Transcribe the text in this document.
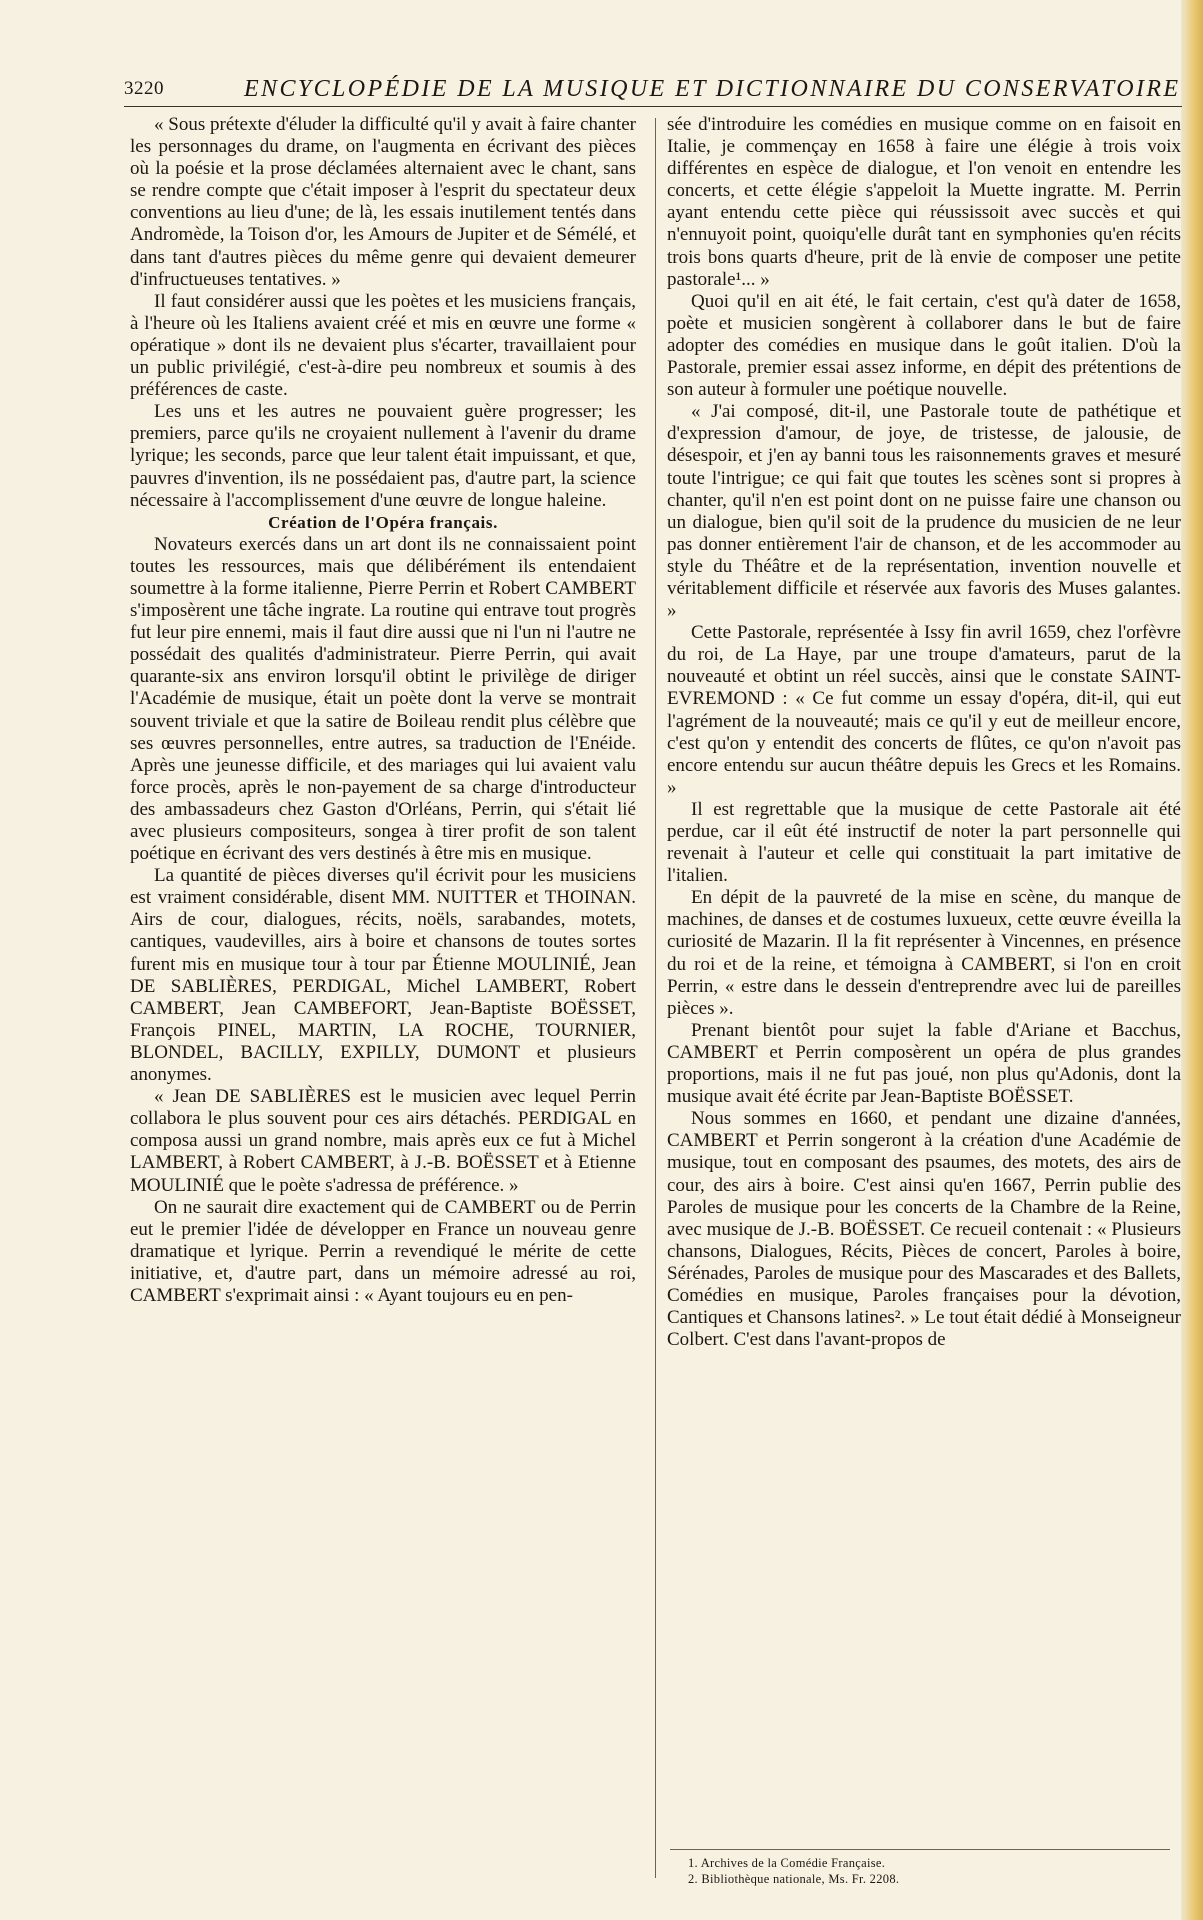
3220	ENCYCLOPÉDIE DE LA MUSIQUE ET DICTIONNAIRE DU CONSERVATOIRE

« Sous prétexte d'éluder la difficulté qu'il y avait à faire chanter les personnages du drame, on l'augmenta en écrivant des pièces où la poésie et la prose déclamées alternaient avec le chant, sans se rendre compte que c'était imposer à l'esprit du spectateur deux conventions au lieu d'une; de là, les essais inutilement tentés dans Andromède, la Toison d'or, les Amours de Jupiter et de Sémélé, et dans tant d'autres pièces du même genre qui devaient demeurer d'infructueuses tentatives. »

Il faut considérer aussi que les poètes et les musiciens français, à l'heure où les Italiens avaient créé et mis en œuvre une forme « opératique » dont ils ne devaient plus s'écarter, travaillaient pour un public privilégié, c'est-à-dire peu nombreux et soumis à des préférences de caste.

Les uns et les autres ne pouvaient guère progresser; les premiers, parce qu'ils ne croyaient nullement à l'avenir du drame lyrique; les seconds, parce que leur talent était impuissant, et que, pauvres d'invention, ils ne possédaient pas, d'autre part, la science nécessaire à l'accomplissement d'une œuvre de longue haleine.

Création de l'Opéra français.

Novateurs exercés dans un art dont ils ne connaissaient point toutes les ressources, mais que délibérément ils entendaient soumettre à la forme italienne, Pierre Perrin et Robert CAMBERT s'imposèrent une tâche ingrate. La routine qui entrave tout progrès fut leur pire ennemi, mais il faut dire aussi que ni l'un ni l'autre ne possédait des qualités d'administrateur. Pierre Perrin, qui avait quarante-six ans environ lorsqu'il obtint le privilège de diriger l'Académie de musique, était un poète dont la verve se montrait souvent triviale et que la satire de Boileau rendit plus célèbre que ses œuvres personnelles, entre autres, sa traduction de l'Enéide. Après une jeunesse difficile, et des mariages qui lui avaient valu force procès, après le non-payement de sa charge d'introducteur des ambassadeurs chez Gaston d'Orléans, Perrin, qui s'était lié avec plusieurs compositeurs, songea à tirer profit de son talent poétique en écrivant des vers destinés à être mis en musique.

La quantité de pièces diverses qu'il écrivit pour les musiciens est vraiment considérable, disent MM. NUITTER et THOINAN. Airs de cour, dialogues, récits, noëls, sarabandes, motets, cantiques, vaudevilles, airs à boire et chansons de toutes sortes furent mis en musique tour à tour par Étienne MOULINIÉ, Jean DE SABLIÈRES, PERDIGAL, Michel LAMBERT, Robert CAMBERT, Jean CAMBEFORT, Jean-Baptiste BOËSSET, François PINEL, MARTIN, LA ROCHE, TOURNIER, BLONDEL, BACILLY, EXPILLY, DUMONT et plusieurs anonymes.

« Jean DE SABLIÈRES est le musicien avec lequel Perrin collabora le plus souvent pour ces airs détachés. PERDIGAL en composa aussi un grand nombre, mais après eux ce fut à Michel LAMBERT, à Robert CAMBERT, à J.-B. BOËSSET et à Etienne MOULINIÉ que le poète s'adressa de préférence. »

On ne saurait dire exactement qui de CAMBERT ou de Perrin eut le premier l'idée de développer en France un nouveau genre dramatique et lyrique. Perrin a revendiqué le mérite de cette initiative, et, d'autre part, dans un mémoire adressé au roi, CAMBERT s'exprimait ainsi : « Ayant toujours eu en pen-

sée d'introduire les comédies en musique comme on en faisoit en Italie, je commençay en 1658 à faire une élégie à trois voix différentes en espèce de dialogue, et l'on venoit en entendre les concerts, et cette élégie s'appeloit la Muette ingratte. M. Perrin ayant entendu cette pièce qui réussissoit avec succès et qui n'ennuyoit point, quoiqu'elle durât tant en symphonies qu'en récits trois bons quarts d'heure, prit de là envie de composer une petite pastorale¹... »

Quoi qu'il en ait été, le fait certain, c'est qu'à dater de 1658, poète et musicien songèrent à collaborer dans le but de faire adopter des comédies en musique dans le goût italien. D'où la Pastorale, premier essai assez informe, en dépit des prétentions de son auteur à formuler une poétique nouvelle.

« J'ai composé, dit-il, une Pastorale toute de pathétique et d'expression d'amour, de joye, de tristesse, de jalousie, de désespoir, et j'en ay banni tous les raisonnements graves et mesuré toute l'intrigue; ce qui fait que toutes les scènes sont si propres à chanter, qu'il n'en est point dont on ne puisse faire une chanson ou un dialogue, bien qu'il soit de la prudence du musicien de ne leur pas donner entièrement l'air de chanson, et de les accommoder au style du Théâtre et de la représentation, invention nouvelle et véritablement difficile et réservée aux favoris des Muses galantes. »

Cette Pastorale, représentée à Issy fin avril 1659, chez l'orfèvre du roi, de La Haye, par une troupe d'amateurs, parut de la nouveauté et obtint un réel succès, ainsi que le constate SAINT-EVREMOND : « Ce fut comme un essay d'opéra, dit-il, qui eut l'agrément de la nouveauté; mais ce qu'il y eut de meilleur encore, c'est qu'on y entendit des concerts de flûtes, ce qu'on n'avoit pas encore entendu sur aucun théâtre depuis les Grecs et les Romains. »

Il est regrettable que la musique de cette Pastorale ait été perdue, car il eût été instructif de noter la part personnelle qui revenait à l'auteur et celle qui constituait la part imitative de l'italien.

En dépit de la pauvreté de la mise en scène, du manque de machines, de danses et de costumes luxueux, cette œuvre éveilla la curiosité de Mazarin. Il la fit représenter à Vincennes, en présence du roi et de la reine, et témoigna à CAMBERT, si l'on en croit Perrin, « estre dans le dessein d'entreprendre avec lui de pareilles pièces ».

Prenant bientôt pour sujet la fable d'Ariane et Bacchus, CAMBERT et Perrin composèrent un opéra de plus grandes proportions, mais il ne fut pas joué, non plus qu'Adonis, dont la musique avait été écrite par Jean-Baptiste BOËSSET.

Nous sommes en 1660, et pendant une dizaine d'années, CAMBERT et Perrin songeront à la création d'une Académie de musique, tout en composant des psaumes, des motets, des airs de cour, des airs à boire. C'est ainsi qu'en 1667, Perrin publie des Paroles de musique pour les concerts de la Chambre de la Reine, avec musique de J.-B. BOËSSET. Ce recueil contenait : « Plusieurs chansons, Dialogues, Récits, Pièces de concert, Paroles à boire, Sérénades, Paroles de musique pour des Mascarades et des Ballets, Comédies en musique, Paroles françaises pour la dévotion, Cantiques et Chansons latines². » Le tout était dédié à Monseigneur Colbert. C'est dans l'avant-propos de

1. Archives de la Comédie Française.
2. Bibliothèque nationale, Ms. Fr. 2208.
